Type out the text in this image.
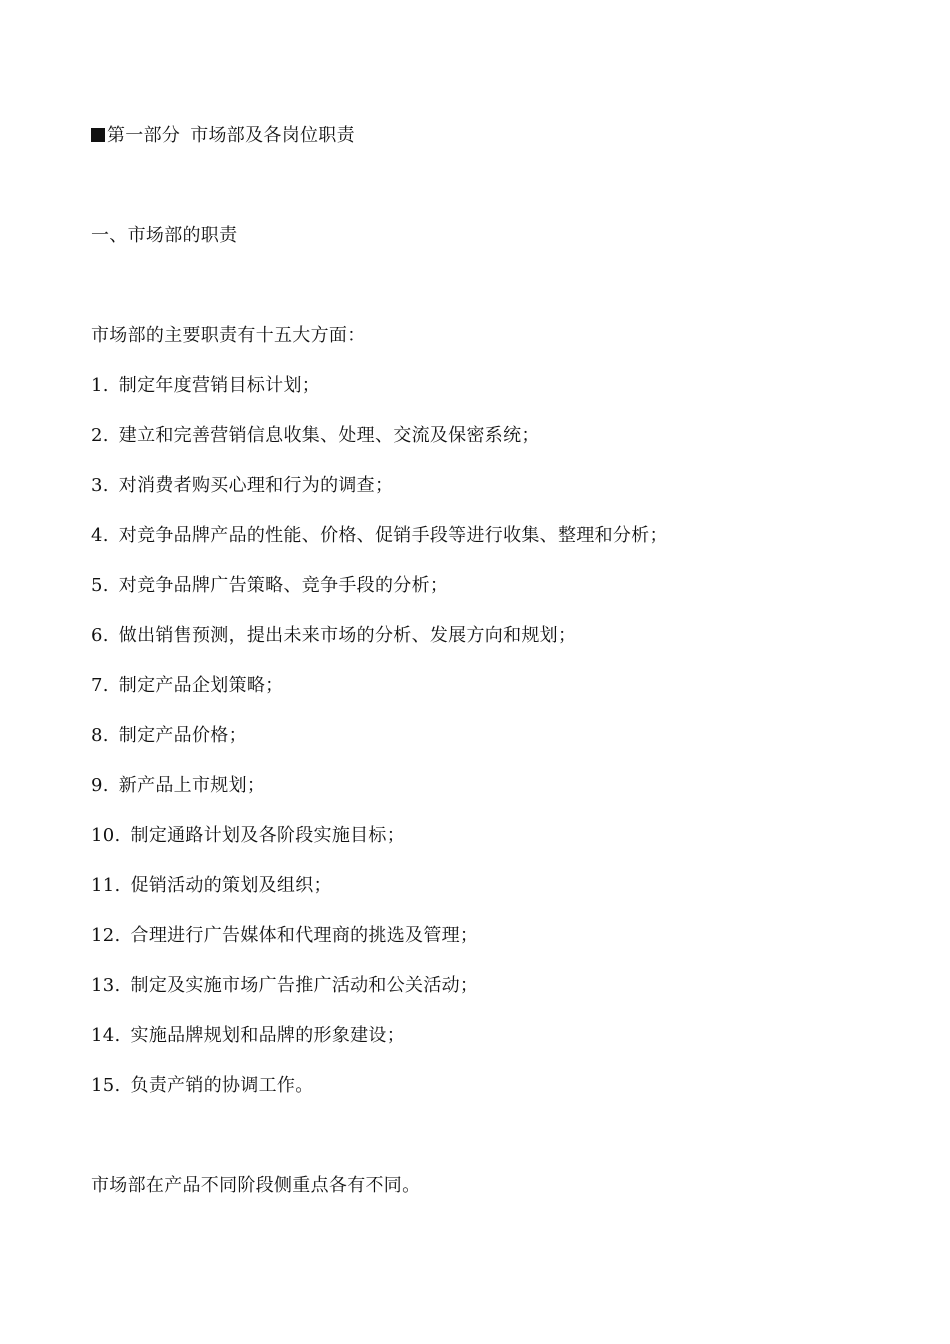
第一部分 市场部及各岗位职责
一、市场部的职责
市场部的主要职责有十五大方面：
1. 制定年度营销目标计划；
2. 建立和完善营销信息收集、处理、交流及保密系统；
3. 对消费者购买心理和行为的调查；
4. 对竞争品牌产品的性能、价格、促销手段等进行收集、整理和分析；
5. 对竞争品牌广告策略、竞争手段的分析；
6. 做出销售预测，提出未来市场的分析、发展方向和规划；
7. 制定产品企划策略；
8. 制定产品价格；
9. 新产品上市规划；
10. 制定通路计划及各阶段实施目标；
11. 促销活动的策划及组织；
12. 合理进行广告媒体和代理商的挑选及管理；
13. 制定及实施市场广告推广活动和公关活动；
14. 实施品牌规划和品牌的形象建设；
15. 负责产销的协调工作。
市场部在产品不同阶段侧重点各有不同。
